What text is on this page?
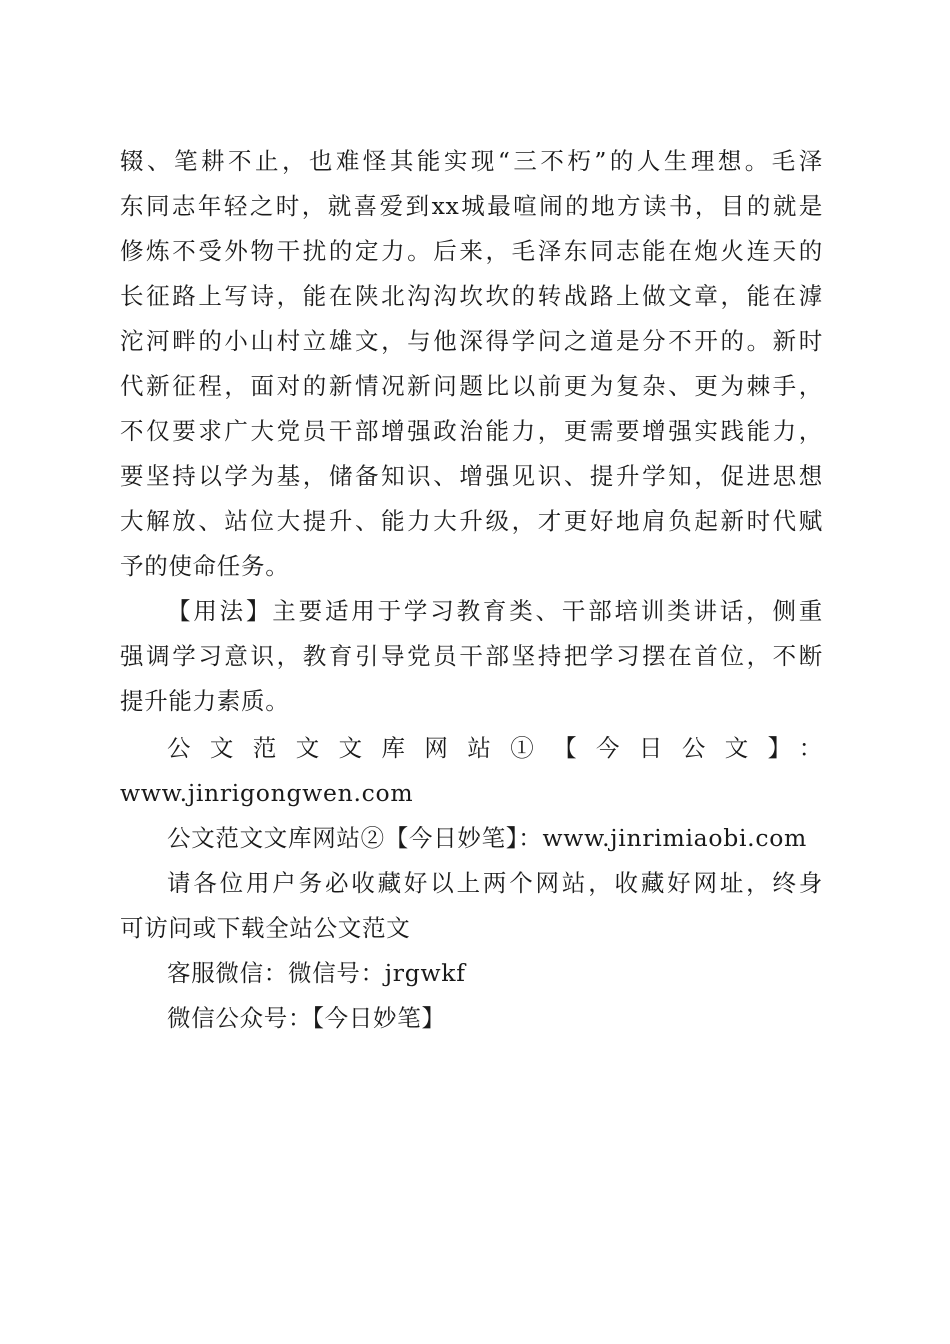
辍、笔耕不止，也难怪其能实现“三不朽”的人生理想。毛泽
东同志年轻之时，就喜爱到xx城最喧闹的地方读书，目的就是
修炼不受外物干扰的定力。后来，毛泽东同志能在炮火连天的
长征路上写诗，能在陕北沟沟坎坎的转战路上做文章，能在滹
沱河畔的小山村立雄文，与他深得学问之道是分不开的。新时
代新征程，面对的新情况新问题比以前更为复杂、更为棘手，
不仅要求广大党员干部增强政治能力，更需要增强实践能力，
要坚持以学为基，储备知识、增强见识、提升学知，促进思想
大解放、站位大提升、能力大升级，才更好地肩负起新时代赋
予的使命任务。
【用法】主要适用于学习教育类、干部培训类讲话，侧重
强调学习意识，教育引导党员干部坚持把学习摆在首位，不断
提升能力素质。
公文范文文库网站①【今日公文】：
www.jinrigongwen.com
公文范文文库网站②【今日妙笔】：www.jinrimiaobi.com
请各位用户务必收藏好以上两个网站，收藏好网址，终身
可访问或下载全站公文范文
客服微信：微信号：jrgwkf
微信公众号：【今日妙笔】
